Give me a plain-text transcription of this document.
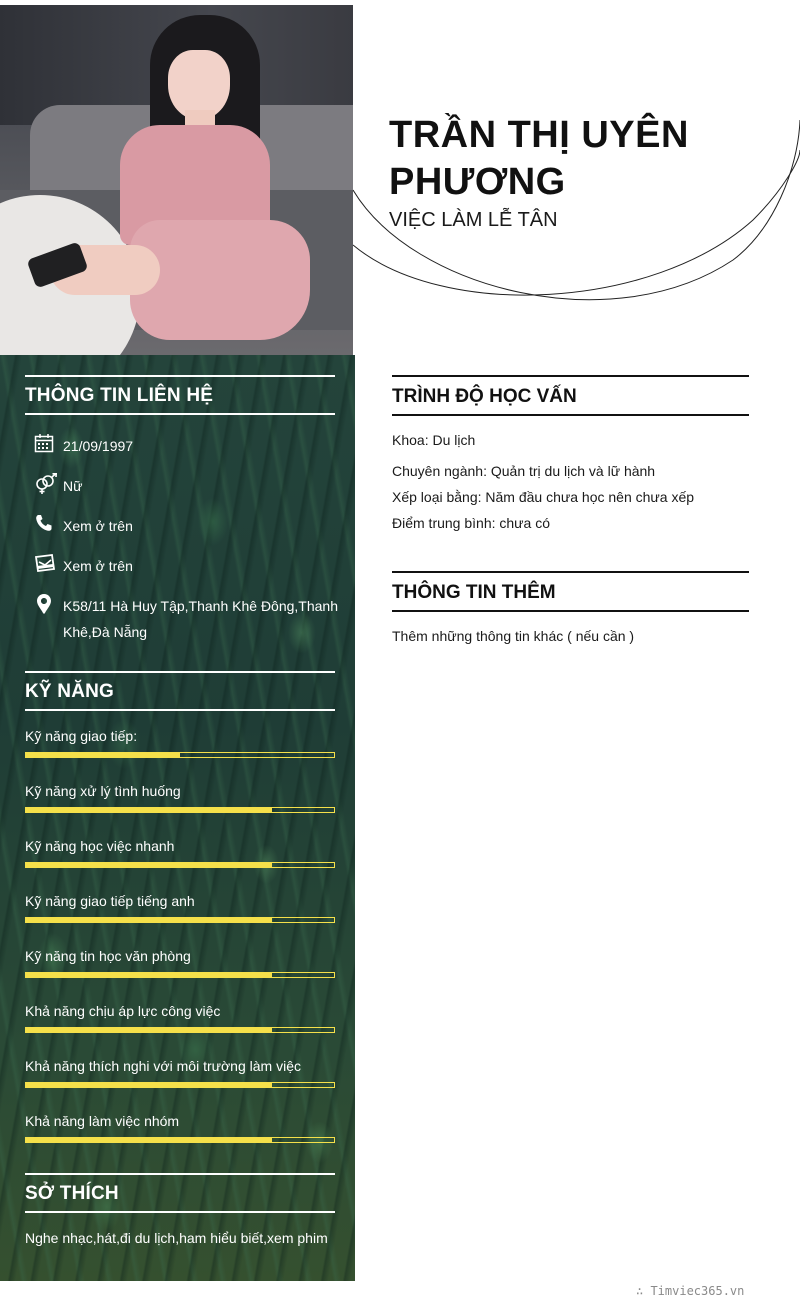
TRẦN THỊ UYÊN PHƯƠNG
VIỆC LÀM LỄ TÂN
THÔNG TIN LIÊN HỆ
21/09/1997
Nữ
Xem ở trên
Xem ở trên
K58/11 Hà Huy Tập,Thanh Khê Đông,Thanh Khê,Đà Nẵng
KỸ NĂNG
Kỹ năng giao tiếp:
Kỹ năng xử lý tình huống
Kỹ năng học việc nhanh
Kỹ năng giao tiếp tiếng anh
Kỹ năng tin học văn phòng
Khả năng chịu áp lực công việc
Khả năng thích nghi với môi trường làm việc
Khả năng làm việc nhóm
SỞ THÍCH
Nghe nhạc,hát,đi du lịch,ham hiểu biết,xem phim
TRÌNH ĐỘ HỌC VẤN
Khoa: Du lịch
Chuyên ngành: Quản trị du lịch và lữ hành
Xếp loại bằng: Năm đầu chưa học nên chưa xếp
Điểm trung bình: chưa có
THÔNG TIN THÊM
Thêm những thông tin khác ( nếu cần )
∴ Timviec365.vn
